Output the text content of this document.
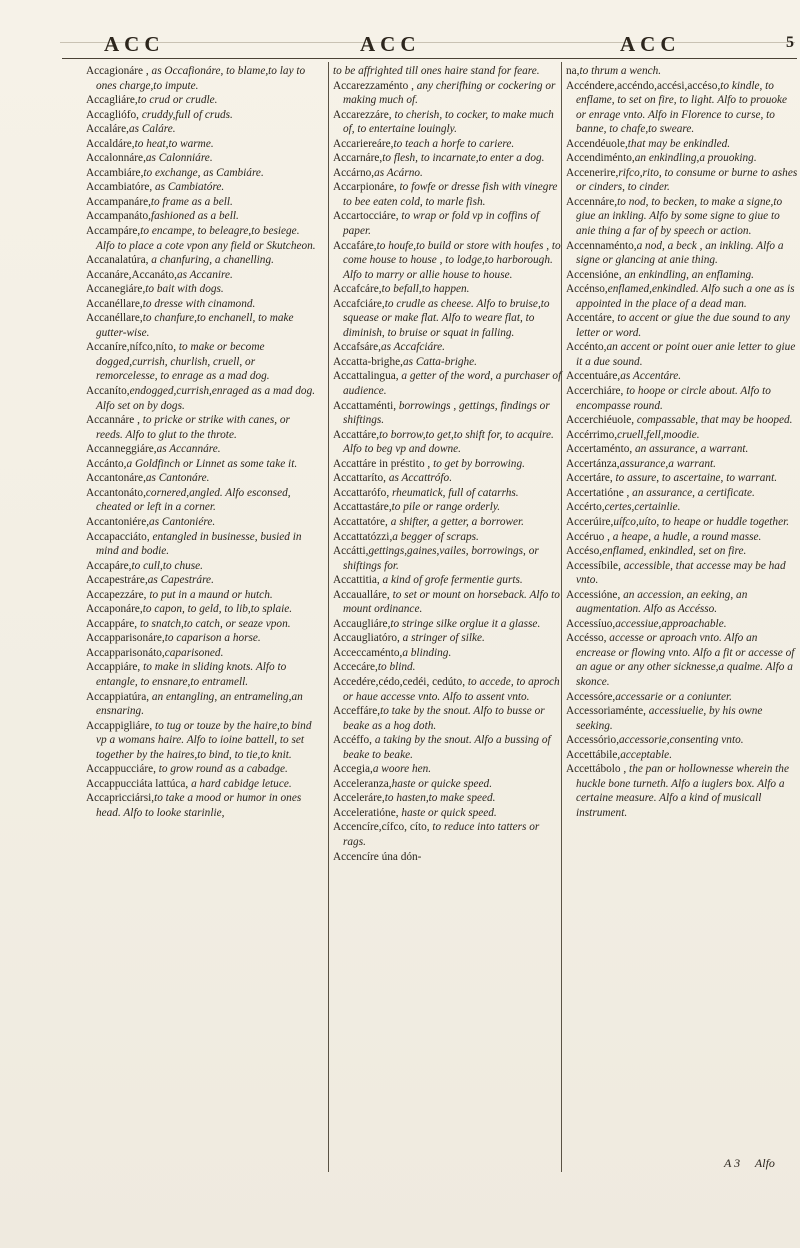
ACC	ACC	ACC	5

Accagionáre , as Occafionáre, to blame,to lay to ones charge,to impute.

Accagliáre,to crud or crudle.

Accagliófo, cruddy,full of cruds.

Accaláre,as Caláre.

Accaldáre,to heat,to warme.

Accalonnáre,as Calonniáre.

Accambiáre,to exchange, as Cambiáre.

Accambiatóre, as Cambiatóre.

Accampanáre,to frame as a bell.

Accampanáto,fashioned as a bell.

Accampáre,to encampe, to beleagre,to besiege. Alfo to place a cote vpon any field or Skutcheon.

Accanalatúra, a chanfuring, a chanelling.

Accanáre,Accanáto,as Accanire.

Accanegiáre,to bait with dogs.

Accanéllare,to dresse with cinamond.

Accanéllare,to chanfure,to enchanell, to make gutter-wise.

Accaníre,nífco,níto, to make or become dogged,currish, churlish, cruell, or remorcelesse, to enrage as a mad dog.

Accaníto,endogged,currish,enraged as a mad dog. Alfo set on by dogs.

Accannáre , to pricke or strike with canes, or reeds. Alfo to glut to the throte.

Accanneggiáre,as Accannáre.

Accánto,a Goldfinch or Linnet as some take it.

Accantonáre,as Cantonáre.

Accantonáto,cornered,angled. Alfo esconsed, cheated or left in a corner.

Accantoniére,as Cantoniére.

Accapacciáto, entangled in businesse, busied in mind and bodie.

Accapáre,to cull,to chuse.

Accapestráre,as Capestráre.

Accapezzáre, to put in a maund or hutch.

Accaponáre,to capon, to geld, to lib,to splaie.

Accappáre, to snatch,to catch, or seaze vpon.

Accapparisonáre,to caparison a horse.

Accapparisonáto,caparisoned.

Accappiáre, to make in sliding knots. Alfo to entangle, to ensnare,to entramell.

Accappiatúra, an entangling, an entrameling,an ensnaring.

Accappigliáre, to tug or touze by the haire,to bind vp a womans haire. Alfo to ioine battell, to set together by the haires,to bind, to tie,to knit.

Accappucciáre, to grow round as a cabadge.

Accappucciáta lattúca, a hard cabidge letuce.

Accapricciársi,to take a mood or humor in ones head. Alfo to looke starinlie,

to be affrighted till ones haire stand for feare.

Accarezzaménto , any cherifhing or cockering or making much of.

Accarezzáre, to cherish, to cocker, to make much of, to entertaine louingly.

Accariereáre,to teach a horfe to cariere.

Accarnáre,to flesh, to incarnate,to enter a dog.

Accárno,as Acárno.

Accarpionáre, to fowfe or dresse fish with vinegre to bee eaten cold, to marle fish.

Accartocciáre, to wrap or fold vp in coffins of paper.

Accafáre,to houfe,to build or store with houfes , to come house to house , to lodge,to harborough. Alfo to marry or allie house to house.

Accafcáre,to befall,to happen.

Accafciáre,to crudle as cheese. Alfo to bruise,to squease or make flat. Alfo to weare flat, to diminish, to bruise or squat in falling.

Accafsáre,as Accafciáre.

Accatta-brighe,as Catta-brighe.

Accattalingua, a getter of the word, a purchaser of audience.

Accattaménti, borrowings , gettings, findings or shiftings.

Accattáre,to borrow,to get,to shift for, to acquire. Alfo to beg vp and downe.

Accattáre in préstito , to get by borrowing.

Accattaríto, as Accattrófo.

Accattarófo, rheumatick, full of catarrhs.

Accattastáre,to pile or range orderly.

Accattatóre, a shifter, a getter, a borrower.

Accattatózzi,a begger of scraps.

Accátti,gettings,gaines,vailes, borrowings, or shiftings for.

Accattitia, a kind of grofe fermentie gurts.

Accaualláre, to set or mount on horseback. Alfo to mount ordinance.

Accaugliáre,to stringe silke orglue it a glasse.

Accaugliatóro, a stringer of silke.

Acceccaménto,a blinding.

Accecáre,to blind.

Accedére,cédo,cedéi, cedúto, to accede, to aproch or haue accesse vnto. Alfo to assent vnto.

Acceffáre,to take by the snout. Alfo to busse or beake as a hog doth.

Accéffo, a taking by the snout. Alfo a bussing of beake to beake.

Accegia,a woore hen.

Acceleranza,haste or quicke speed.

Acceleráre,to hasten,to make speed.

Acceleratióne, haste or quick speed.

Accencíre,cífco, cíto, to reduce into tatters or rags.

Accencíre úna dón-

na,to thrum a wench.

Accéndere,accéndo,accési,accéso,to kindle, to enflame, to set on fire, to light. Alfo to prouoke or enrage vnto. Alfo in Florence to curse, to banne, to chafe,to sweare.

Accendéuole,that may be enkindled.

Accendiménto,an enkindling,a prouoking.

Accenerire,rifco,rito, to consume or burne to ashes or cinders, to cinder.

Accennáre,to nod, to becken, to make a signe,to giue an inkling. Alfo by some signe to giue to anie thing a far of by speech or action.

Accennaménto,a nod, a beck , an inkling. Alfo a signe or glancing at anie thing.

Accensióne, an enkindling, an enflaming.

Accénso,enflamed,enkindled. Alfo such a one as is appointed in the place of a dead man.

Accentáre, to accent or giue the due sound to any letter or word.

Accénto,an accent or point ouer anie letter to giue it a due sound.

Accentuáre,as Accentáre.

Accerchiáre, to hoope or circle about. Alfo to encompasse round.

Accerchiéuole, compassable, that may be hooped.

Accérrimo,cruell,fell,moodie.

Accertaménto, an assurance, a warrant.

Accertánza,assurance,a warrant.

Accertáre, to assure, to ascertaine, to warrant.

Accertatióne , an assurance, a certificate.

Accérto,certes,certainlie.

Accerúire,uífco,uíto, to heape or huddle together.

Accéruo , a heape, a hudle, a round masse.

Accéso,enflamed, enkindled, set on fire.

Accessíbile, accessible, that accesse may be had vnto.

Accessióne, an accession, an eeking, an augmentation. Alfo as Accésso.

Accessíuo,accessiue,approachable.

Accésso, accesse or aproach vnto. Alfo an encrease or flowing vnto. Alfo a fit or accesse of an ague or any other sicknesse,a qualme. Alfo a skonce.

Accessóre,accessarie or a coniunter.

Accessoriaménte, accessiuelie, by his owne seeking.

Accessório,accessorie,consenting vnto.

Accettábile,acceptable.

Accettábolo , the pan or hollownesse wherein the huckle bone turneth. Alfo a iuglers box. Alfo a certaine measure. Alfo a kind of musicall instrument.

A 3 Alfo
